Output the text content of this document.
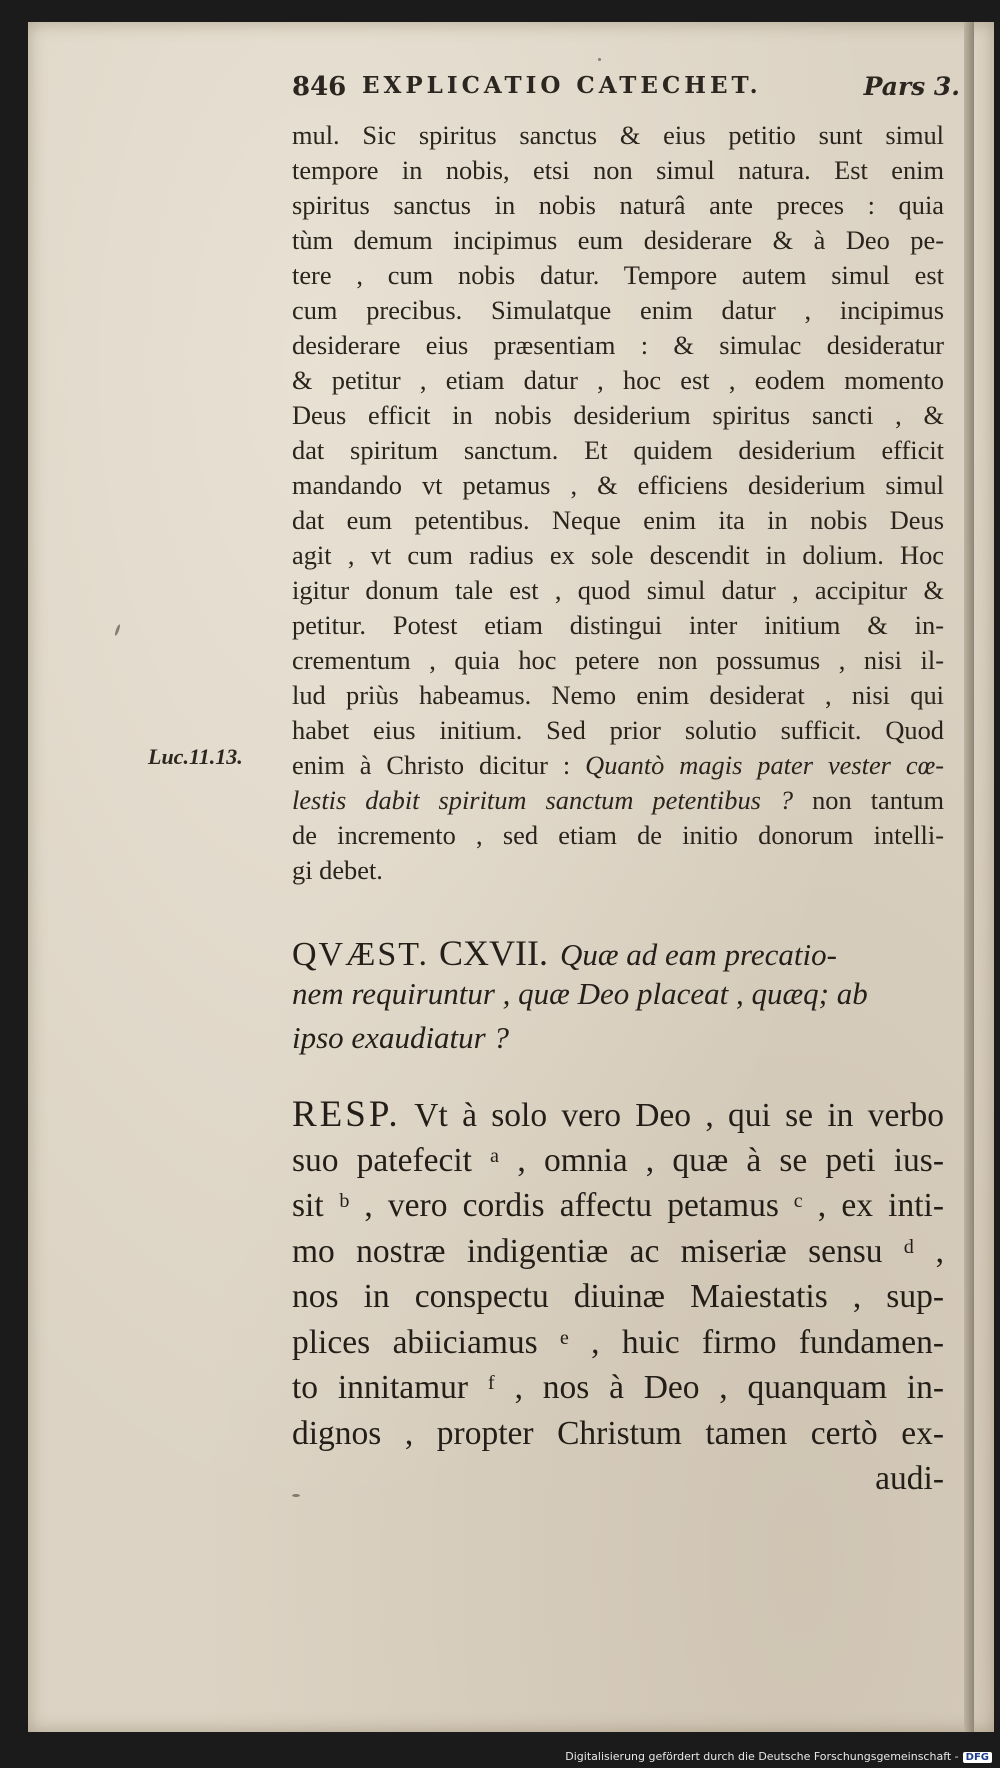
846 EXPLICATIO CATECHET.	Pars 3.
mul. Sic spiritus sanctus & eius petitio sunt simul
tempore in nobis, etsi non simul natura. Est enim
spiritus sanctus in nobis naturâ ante preces : quia
tùm demum incipimus eum desiderare & à Deo pe-
tere , cum nobis datur. Tempore autem simul est
cum precibus. Simulatque enim datur , incipimus
desiderare eius præsentiam : & simulac desideratur
& petitur , etiam datur , hoc est , eodem momento
Deus efficit in nobis desiderium spiritus sancti , &
dat spiritum sanctum. Et quidem desiderium efficit
mandando vt petamus , & efficiens desiderium simul
dat eum petentibus. Neque enim ita in nobis Deus
agit , vt cum radius ex sole descendit in dolium. Hoc
igitur donum tale est , quod simul datur , accipitur &
petitur. Potest etiam distingui inter initium & in-
crementum , quia hoc petere non possumus , nisi il-
lud priùs habeamus. Nemo enim desiderat , nisi qui
habet eius initium. Sed prior solutio sufficit. Quod
enim à Christo dicitur : Quantò magis pater vester cœ-
lestis dabit spiritum sanctum petentibus ? non tantum
de incremento , sed etiam de initio donorum intelli-
gi debet.
Luc.11.13.
QVÆST. CXVII. Quæ ad eam precatio-
nem requiruntur , quæ Deo placeat , quæq; ab
ipso exaudiatur ?
RESP. Vt à solo vero Deo , qui se in verbo
suo patefecit ᵃ , omnia , quæ à se peti ius-
sit ᵇ , vero cordis affectu petamus ᶜ , ex inti-
mo nostræ indigentiæ ac miseriæ sensu ᵈ ,
nos in conspectu diuinæ Maiestatis , sup-
plices abiiciamus ᵉ , huic firmo fundamen-
to innitamur ᶠ , nos à Deo , quanquam in-
dignos , propter Christum tamen certò ex-
audi-
Digitalisierung gefördert durch die Deutsche Forschungsgemeinschaft - DFG
